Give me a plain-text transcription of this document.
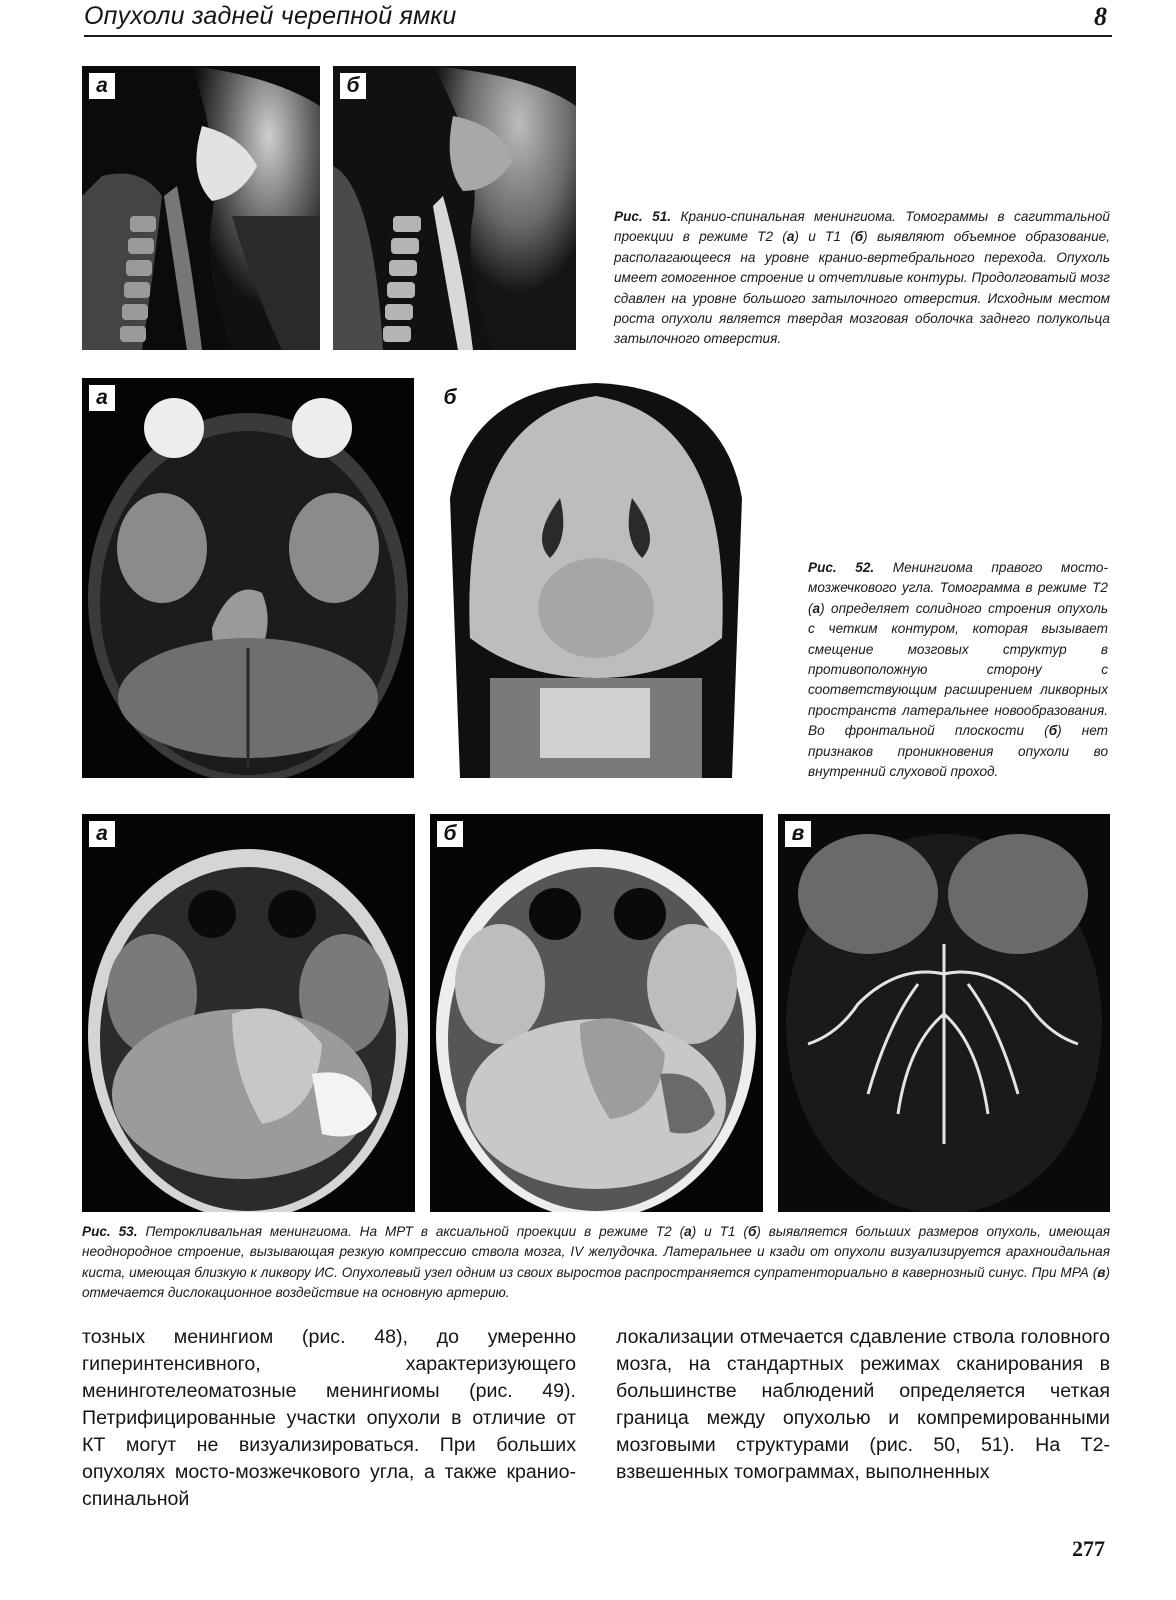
Опухоли задней черепной ямки	8
а	б
Рис. 51. Кранио-спинальная менингиома. Томограммы в сагиттальной проекции в режиме Т2 (а) и Т1 (б) выявляют объемное образование, располагающееся на уровне кранио-вертебрального перехода. Опухоль имеет гомогенное строение и отчетливые контуры. Продолговатый мозг сдавлен на уровне большого затылочного отверстия. Исходным местом роста опухоли является твердая мозговая оболочка заднего полукольца затылочного отверстия.
а	б
Рис. 52. Менингиома правого мосто-мозжечкового угла. Томограмма в режиме Т2 (а) определяет солидного строения опухоль с четким контуром, которая вызывает смещение мозговых структур в противоположную сторону с соответствующим расширением ликворных пространств латеральнее новообразования. Во фронтальной плоскости (б) нет признаков проникновения опухоли во внутренний слуховой проход.
а	б	в
Рис. 53. Петрокливальная менингиома. На МРТ в аксиальной проекции в режиме Т2 (а) и Т1 (б) выявляется больших размеров опухоль, имеющая неоднородное строение, вызывающая резкую компрессию ствола мозга, IV желудочка. Латеральнее и кзади от опухоли визуализируется арахноидальная киста, имеющая близкую к ликвору ИС. Опухолевый узел одним из своих выростов распространяется супратенториально в кавернозный синус. При МРА (в) отмечается дислокационное воздействие на основную артерию.
тозных менингиом (рис. 48), до умеренно гиперинтенсивного, характеризующего менинготелеоматозные менингиомы (рис. 49). Петрифицированные участки опухоли в отличие от КТ могут не визуализироваться. При больших опухолях мосто-мозжечкового угла, а также кранио-спинальной
локализации отмечается сдавление ствола головного мозга, на стандартных режимах сканирования в большинстве наблюдений определяется четкая граница между опухолью и компремированными мозговыми структурами (рис. 50, 51). На Т2-взвешенных томограммах, выполненных
277
